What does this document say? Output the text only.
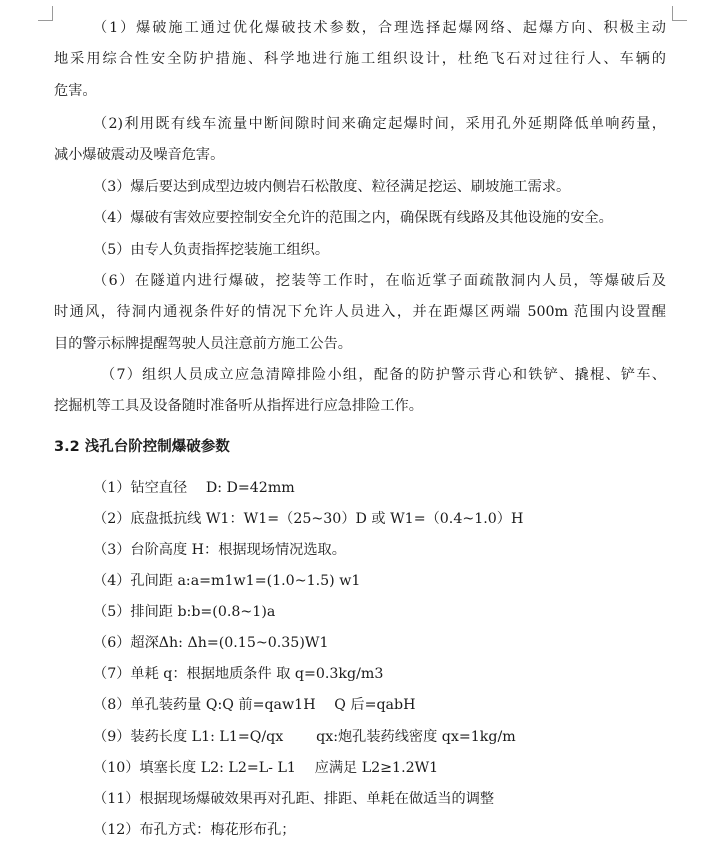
（1）爆破施工通过优化爆破技术参数，合理选择起爆网络、起爆方向、积极主动
地采用综合性安全防护措施、科学地进行施工组织设计，杜绝飞石对过往行人、车辆的
危害。
（2)利用既有线车流量中断间隙时间来确定起爆时间，采用孔外延期降低单响药量，
减小爆破震动及噪音危害。
（3）爆后要达到成型边坡内侧岩石松散度、粒径满足挖运、刷坡施工需求。
（4）爆破有害效应要控制安全允许的范围之内，确保既有线路及其他设施的安全。
（5）由专人负责指挥挖装施工组织。
（6）在隧道内进行爆破，挖装等工作时，在临近掌子面疏散洞内人员，等爆破后及
时通风，待洞内通视条件好的情况下允许人员进入，并在距爆区两端 500m 范围内设置醒
目的警示标牌提醒驾驶人员注意前方施工公告。
（7）组织人员成立应急清障排险小组，配备的防护警示背心和铁铲、撬棍、铲车、
挖掘机等工具及设备随时准备听从指挥进行应急排险工作。
3.2 浅孔台阶控制爆破参数
（1）钻空直径　 D: D=42mm
（2）底盘抵抗线 W1：W1=（25~30）D 或 W1=（0.4~1.0）H
（3）台阶高度 H：根据现场情况选取。
（4）孔间距 a:a=m1w1=(1.0~1.5) w1
（5）排间距 b:b=(0.8~1)a
（6）超深Δh: Δh=(0.15~0.35)W1
（7）单耗 q：根据地质条件 取 q=0.3kg/m3
（8）单孔装药量 Q:Q 前=qaw1H　 Q 后=qabH
（9）装药长度 L1: L1=Q/qx　　 qx:炮孔装药线密度 qx=1kg/m
（10）填塞长度 L2: L2=L- L1　 应满足 L2≥1.2W1
（11）根据现场爆破效果再对孔距、排距、单耗在做适当的调整
（12）布孔方式：梅花形布孔；
